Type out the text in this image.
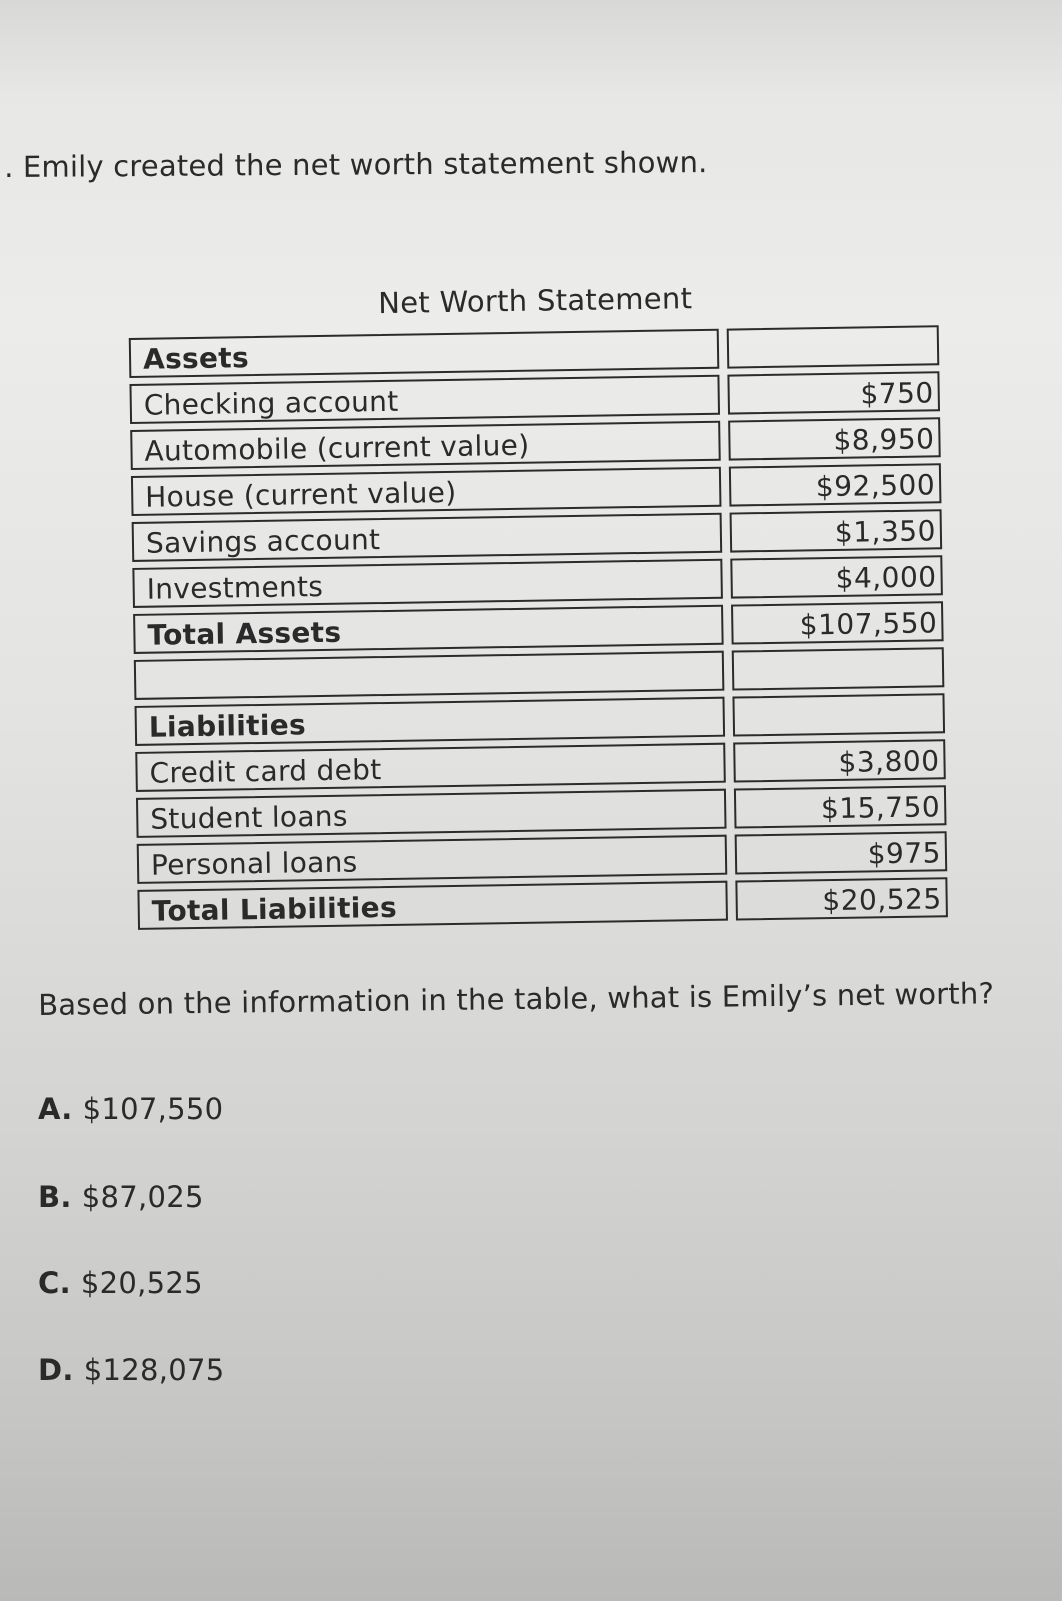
. Emily created the net worth statement shown.
Net Worth Statement
Assets
Checking account	$750
Automobile (current value)	$8,950
House (current value)	$92,500
Savings account	$1,350
Investments	$4,000
Total Assets	$107,550
Liabilities
Credit card debt	$3,800
Student loans	$15,750
Personal loans	$975
Total Liabilities	$20,525
Based on the information in the table, what is Emily’s net worth?
A. $107,550
B. $87,025
C. $20,525
D. $128,075
